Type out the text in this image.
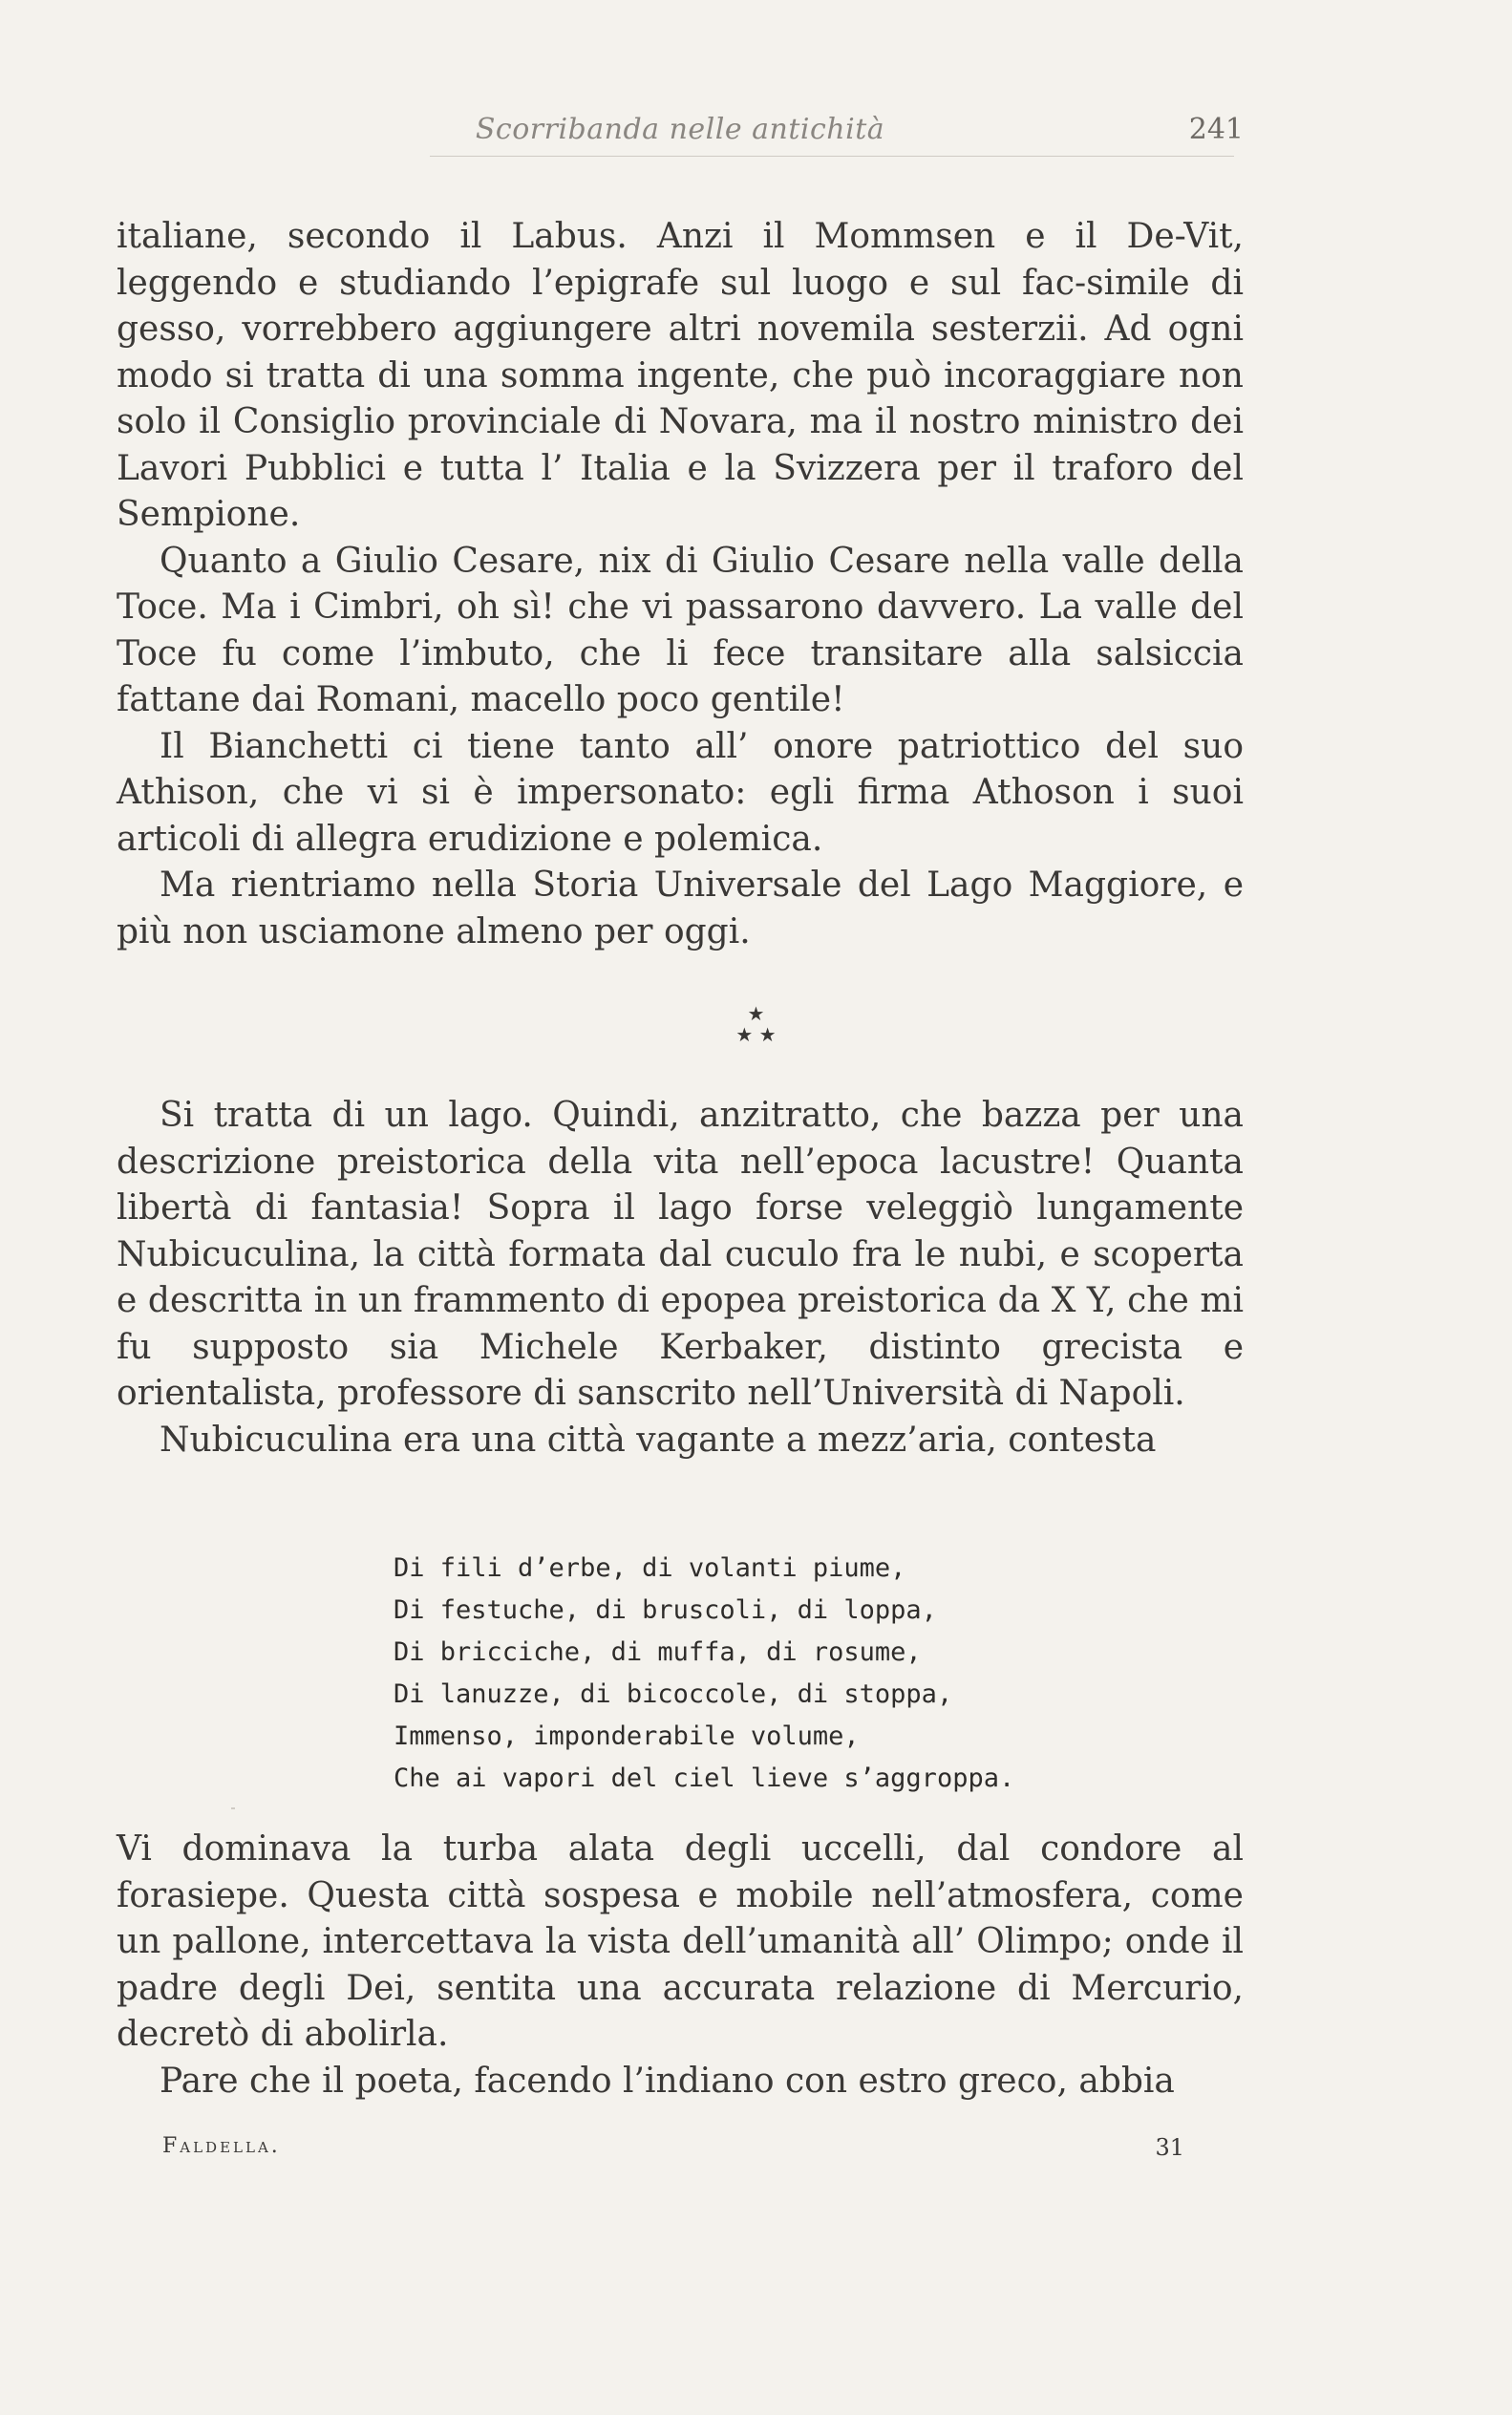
Scorribanda nelle antichità	241

italiane, secondo il Labus. Anzi il Mommsen e il De-Vit, leggendo e studiando l’epigrafe sul luogo e sul fac-simile di gesso, vorrebbero aggiungere altri novemila sesterzii. Ad ogni modo si tratta di una somma ingente, che può incoraggiare non solo il Consiglio provinciale di Novara, ma il nostro ministro dei Lavori Pubblici e tutta l’ Italia e la Svizzera per il traforo del Sempione.

Quanto a Giulio Cesare, nix di Giulio Cesare nella valle della Toce. Ma i Cimbri, oh sì! che vi passarono davvero. La valle del Toce fu come l’imbuto, che li fece transitare alla salsiccia fattane dai Romani, macello poco gentile!

Il Bianchetti ci tiene tanto all’ onore patriottico del suo Athison, che vi si è impersonato: egli firma Athoson i suoi articoli di allegra erudizione e polemica.

Ma rientriamo nella Storia Universale del Lago Maggiore, e più non usciamone almeno per oggi.

★
★ ★

Si tratta di un lago. Quindi, anzitratto, che bazza per una descrizione preistorica della vita nell’epoca lacustre! Quanta libertà di fantasia! Sopra il lago forse veleggiò lungamente Nubicuculina, la città formata dal cuculo fra le nubi, e scoperta e descritta in un frammento di epopea preistorica da X Y, che mi fu supposto sia Michele Kerbaker, distinto grecista e orientalista, professore di sanscrito nell’Università di Napoli.

Nubicuculina era una città vagante a mezz’aria, contesta

Di fili d’erbe, di volanti piume,
Di festuche, di bruscoli, di loppa,
Di bricciche, di muffa, di rosume,
Di lanuzze, di bicoccole, di stoppa,
Immenso, imponderabile volume,
Che ai vapori del ciel lieve s’aggroppa.

Vi dominava la turba alata degli uccelli, dal condore al forasiepe. Questa città sospesa e mobile nell’atmosfera, come un pallone, intercettava la vista dell’umanità all’ Olimpo; onde il padre degli Dei, sentita una accurata relazione di Mercurio, decretò di abolirla.

Pare che il poeta, facendo l’indiano con estro greco, abbia

Faldella.	31
